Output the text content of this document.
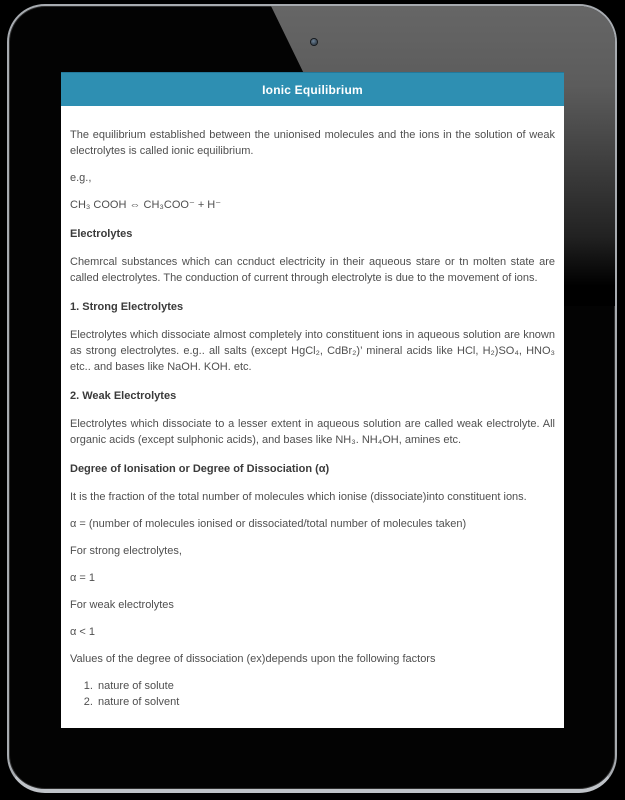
Ionic Equilibrium

The equilibrium established between the unionised molecules and the ions in the solution of weak electrolytes is called ionic equilibrium.

e.g.,

CH₃ COOH ⇔ CH₃COO⁻ + H⁻

Electrolytes

Chemrcal substances which can ccnduct electricity in their aqueous stare or tn molten state are called electrolytes. The conduction of current through electrolyte is due to the movement of ions.

1. Strong Electrolytes

Electrolytes which dissociate almost completely into constituent ions in aqueous solution are known as strong electrolytes. e.g.. all salts (except HgCl₂, CdBr₂)’ mineral acids like HCl, H₂)SO₄, HNO₃ etc.. and bases like NaOH. KOH. etc.

2. Weak Electrolytes

Electrolytes which dissociate to a lesser extent in aqueous solution are called weak electrolyte. All organic acids (except sulphonic acids), and bases like NH₃. NH₄OH, amines etc.

Degree of Ionisation or Degree of Dissociation (α)

It is the fraction of the total number of molecules which ionise (dissociate)into constituent ions.

α = (number of molecules ionised or dissociated/total number of molecules taken)

For strong electrolytes,

α = 1

For weak electrolytes

α < 1

Values of the degree of dissociation (ex)depends upon the following factors

1. nature of solute
2. nature of solvent
